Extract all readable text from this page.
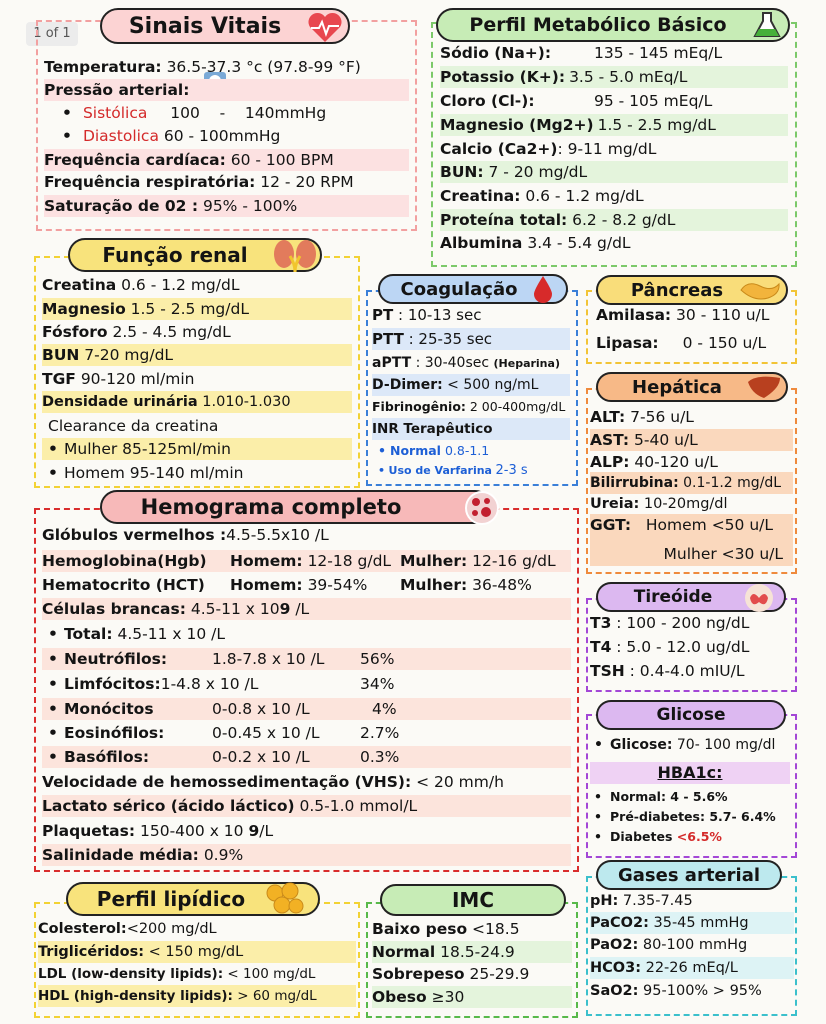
1 of 1	Sinais Vitais
Temperatura: 36.5-37.3 °c (97.8-99 °F)
Pressão arterial:
• Sistólica 100    -    140mmHg
• Diastolica 60 - 100mmHg
Frequência cardíaca: 60 - 100 BPM
Frequência respiratória: 12 - 20 RPM
Saturação de 02 : 95% - 100%
Perfil Metabólico Básico
Sódio (Na+):	135 - 145 mEq/L
Potassio (K+): 3.5 - 5.0 mEq/L
Cloro (Cl-):	95 - 105 mEq/L
Magnesio (Mg2+) 1.5 - 2.5 mg/dL
Calcio (Ca2+): 9-11 mg/dL
BUN: 7 - 20 mg/dL
Creatina: 0.6 - 1.2 mg/dL
Proteína total: 6.2 - 8.2 g/dL
Albumina 3.4 - 5.4 g/dL
Função renal
Creatina 0.6 - 1.2 mg/dL
Magnesio 1.5 - 2.5 mg/dL
Fósforo 2.5 - 4.5 mg/dL
BUN 7-20 mg/dL
TGF 90-120 ml/min
Densidade urinária 1.010-1.030
Clearance da creatina
• Mulher 85-125ml/min
• Homem 95-140 ml/min
Coagulação
PT : 10-13 sec
PTT : 25-35 sec
aPTT : 30-40sec (Heparina)
D-Dimer: < 500 ng/mL
Fibrinogênio: 2 00-400mg/dL
INR Terapêutico
• Normal 0.8-1.1
• Uso de Varfarina 2-3 s
Pâncreas
Amilasa: 30 - 110 u/L
Lipasa: 0 - 150 u/L
Hepática
ALT: 7-56 u/L
AST: 5-40 u/L
ALP: 40-120 u/L
Bilirrubina: 0.1-1.2 mg/dL
Ureia: 10-20mg/dl
GGT:   Homem <50 u/L
Mulher <30 u/L
Hemograma completo
Glóbulos vermelhos :4.5-5.5x10 /L
Hemoglobina(Hgb) Homem: 12-18 g/dL Mulher: 12-16 g/dL
Hematocrito (HCT) Homem: 39-54% Mulher: 36-48%
Células brancas: 4.5-11 x 109 /L
• Total: 4.5-11 x 10 /L
• Neutrófilos:	1.8-7.8 x 10 /L 56%
• Limfócitos:1-4.8 x 10 /L	34%
• Monócitos	0-0.8 x 10 /L	4%
• Eosinófilos:	0-0.45 x 10 /L	2.7%
• Basófilos:	0-0.2 x 10 /L	0.3%
Velocidade de hemossedimentação (VHS): < 20 mm/h
Lactato sérico (ácido láctico) 0.5-1.0 mmol/L
Plaquetas: 150-400 x 10 9/L
Salinidade média: 0.9%
Tireóide
T3 : 100 - 200 ng/dL
T4 : 5.0 - 12.0 ug/dL
TSH : 0.4-4.0 mIU/L
Glicose
• Glicose: 70- 100 mg/dl
HBA1c:
• Normal: 4 - 5.6%
• Pré-diabetes: 5.7- 6.4%
• Diabetes <6.5%
Perfil lipídico
Colesterol:<200 mg/dL
Triglicéridos: < 150 mg/dL
LDL (low-density lipids): < 100 mg/dL
HDL (high-density lipids): > 60 mg/dL
IMC
Baixo peso <18.5
Normal 18.5-24.9
Sobrepeso 25-29.9
Obeso ≥30
Gases arterial
pH: 7.35-7.45
PaCO2: 35-45 mmHg
PaO2: 80-100 mmHg
HCO3: 22-26 mEq/L
SaO2: 95-100% > 95%
